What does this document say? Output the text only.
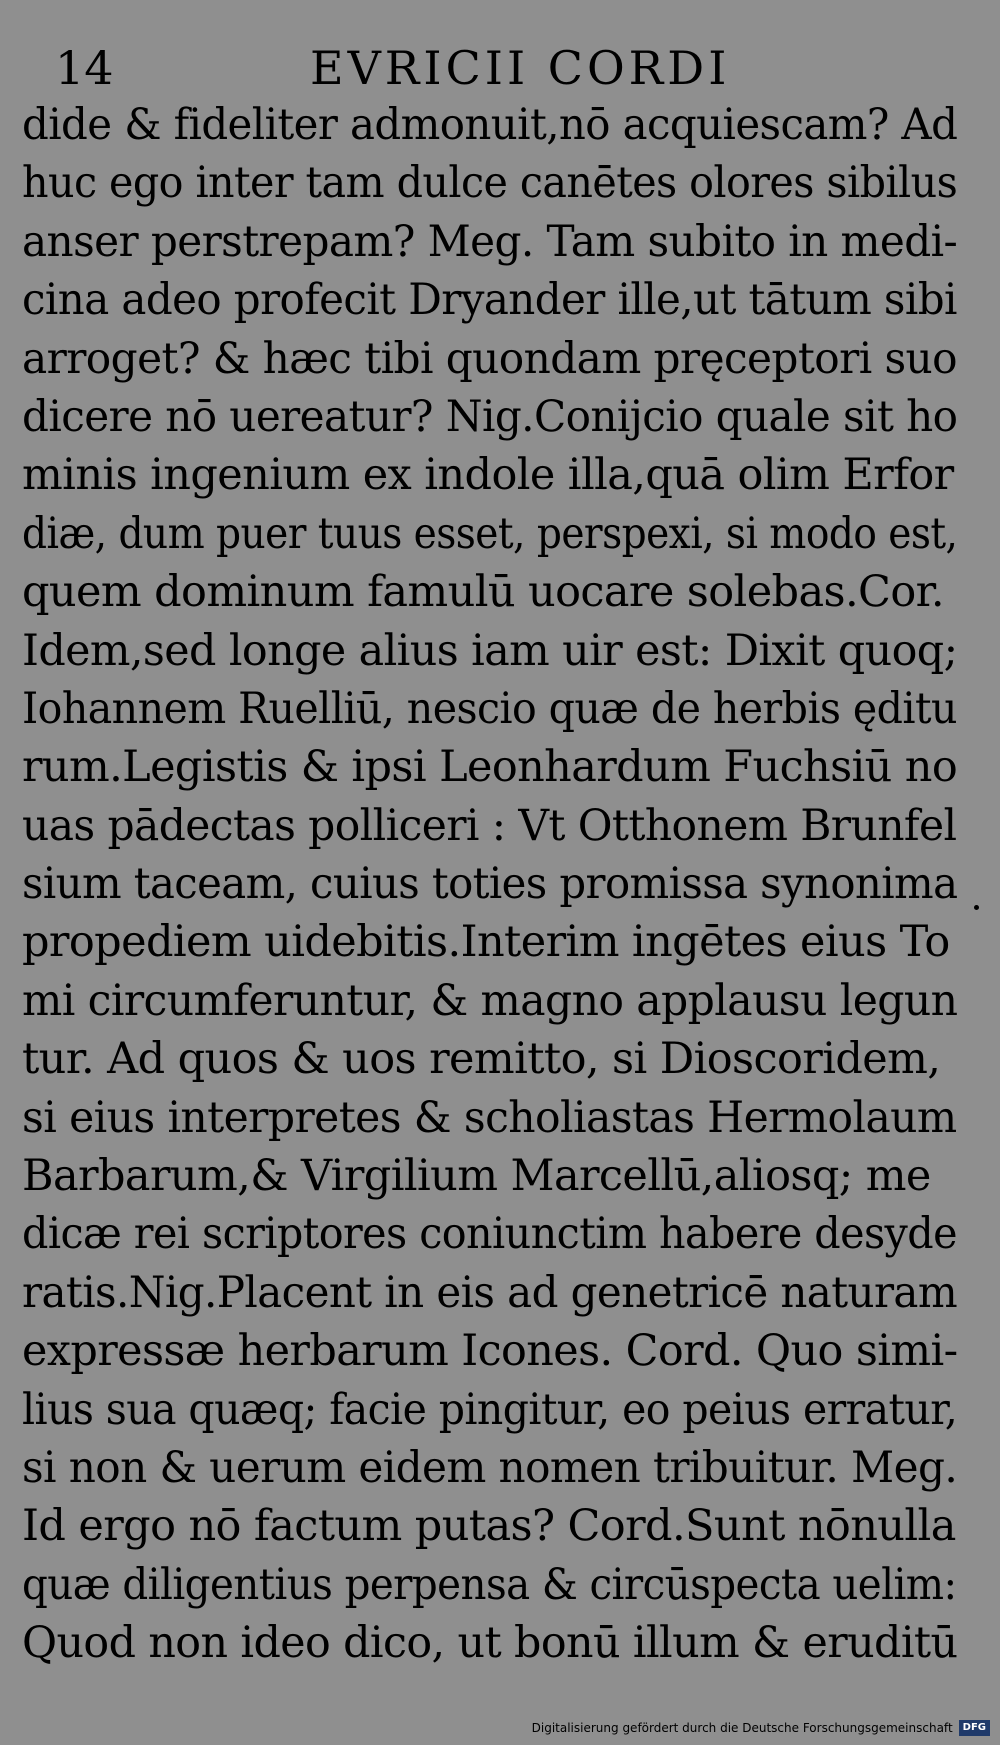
14	EVRICII CORDI
dide & fideliter admonuit,nō acquiescam? Ad
huc ego inter tam dulce canētes olores sibilus
anser perstrepam? Meg. Tam subito in medi-
cina adeo profecit Dryander ille,ut tātum sibi
arroget? & hæc tibi quondam pręceptori suo
dicere nō uereatur? Nig.Conijcio quale sit ho
minis ingenium ex indole illa,quā olim Erfor
diæ, dum puer tuus esset, perspexi, si modo est,
quem dominum famulū uocare solebas.Cor.
Idem,sed longe alius iam uir est: Dixit quoq;
Iohannem Ruelliū, nescio quæ de herbis ęditu
rum.Legistis & ipsi Leonhardum Fuchsiū no
uas pādectas polliceri : Vt Otthonem Brunfel
sium taceam, cuius toties promissa synonima
propediem uidebitis.Interim ingētes eius To
mi circumferuntur, & magno applausu legun
tur. Ad quos & uos remitto, si Dioscoridem,
si eius interpretes & scholiastas Hermolaum
Barbarum,& Virgilium Marcellū,aliosq; me
dicæ rei scriptores coniunctim habere desyde
ratis.Nig.Placent in eis ad genetricē naturam
expressæ herbarum Icones. Cord. Quo simi-
lius sua quæq; facie pingitur, eo peius erratur,
si non & uerum eidem nomen tribuitur. Meg.
Id ergo nō factum putas? Cord.Sunt nōnulla
quæ diligentius perpensa & circūspecta uelim:
Quod non ideo dico, ut bonū illum & eruditū
Digitalisierung gefördert durch die Deutsche Forschungsgemeinschaft	DFG
